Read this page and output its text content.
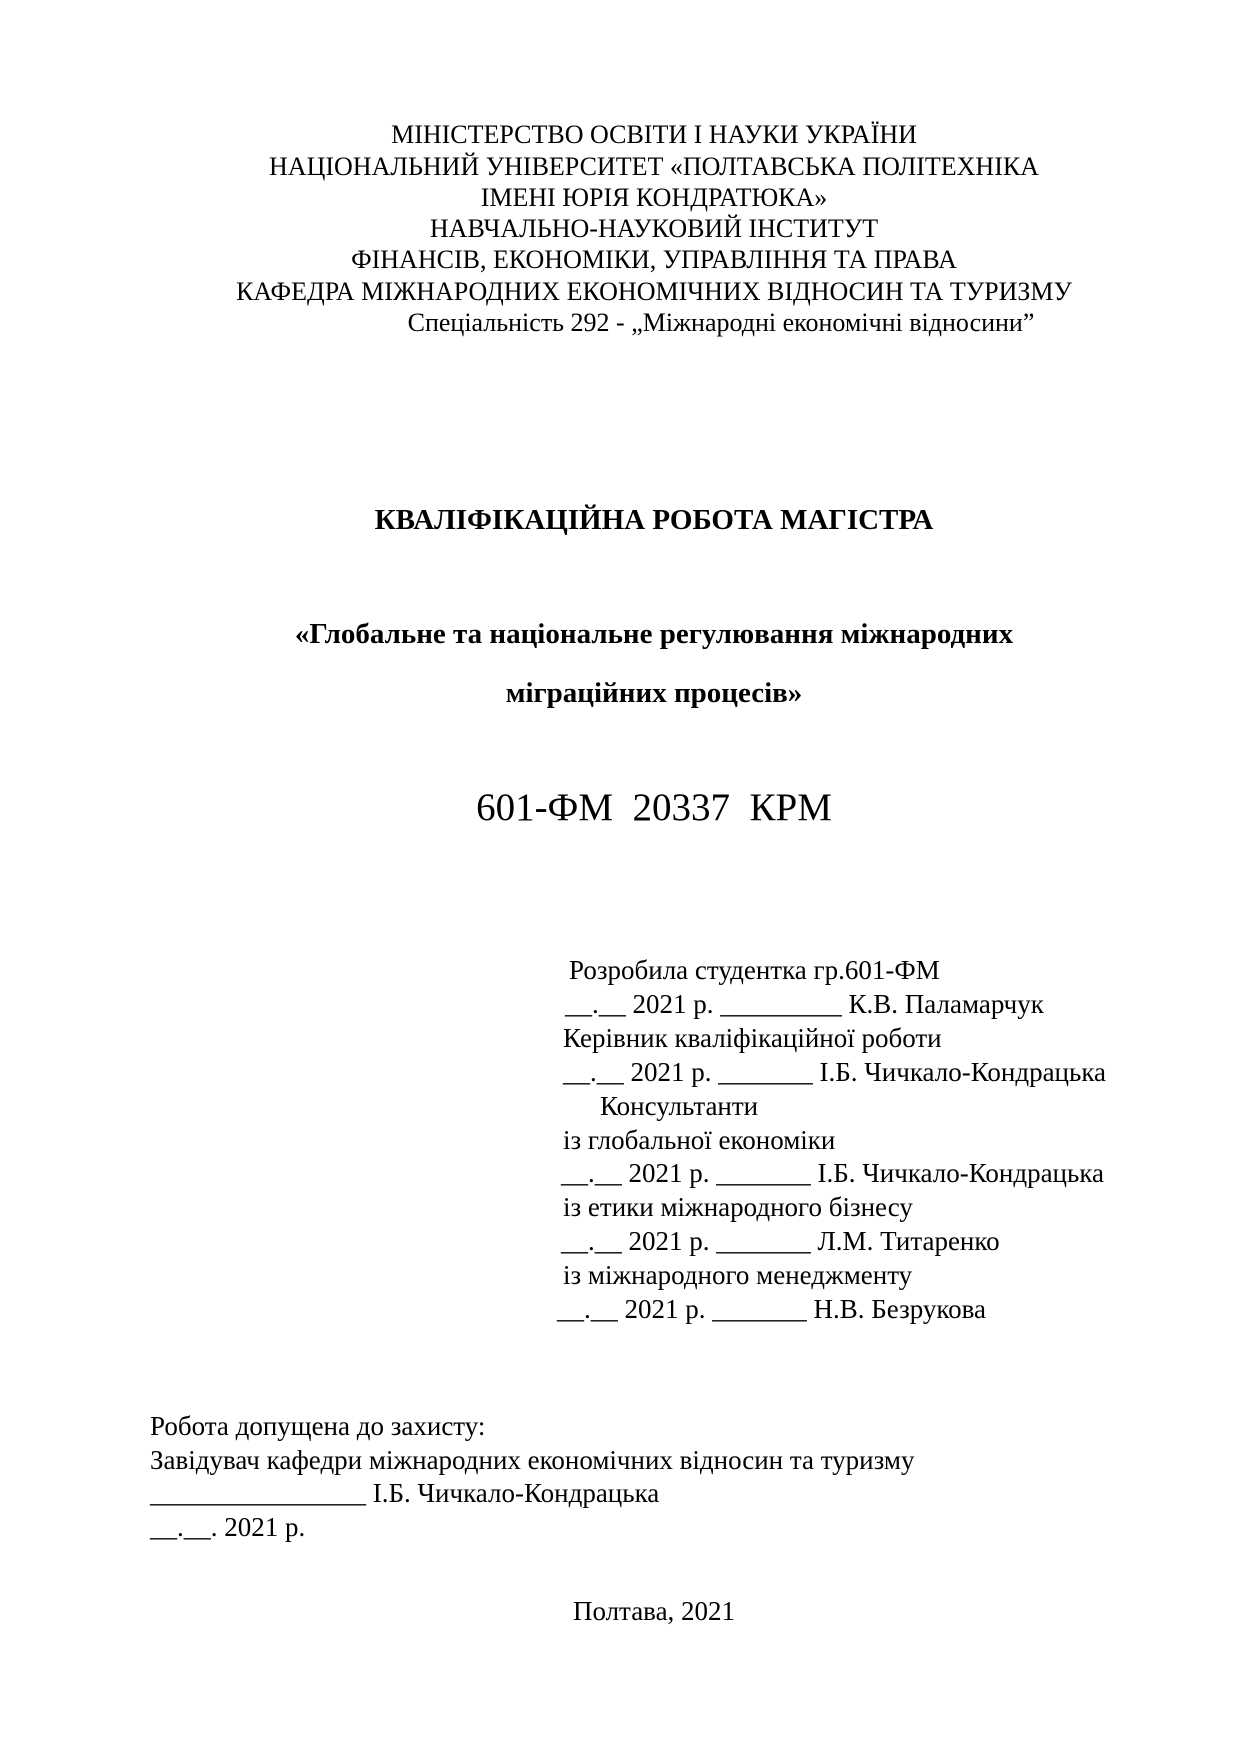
МІНІСТЕРСТВО ОСВІТИ І НАУКИ УКРАЇНИ
НАЦІОНАЛЬНИЙ УНІВЕРСИТЕТ «ПОЛТАВСЬКА ПОЛІТЕХНІКА
ІМЕНІ ЮРІЯ КОНДРАТЮКА»
НАВЧАЛЬНО-НАУКОВИЙ ІНСТИТУТ
ФІНАНСІВ, ЕКОНОМІКИ, УПРАВЛІННЯ ТА ПРАВА
КАФЕДРА МІЖНАРОДНИХ ЕКОНОМІЧНИХ ВІДНОСИН ТА ТУРИЗМУ
Спеціальність 292 - „Міжнародні економічні відносини”
КВАЛІФІКАЦІЙНА РОБОТА МАГІСТРА
«Глобальне та національне регулювання міжнародних
міграційних процесів»
601-ФМ  20337  КРМ
Розробила студентка гр.601-ФМ
__.__ 2021 р. _________ К.В. Паламарчук
Керівник кваліфікаційної роботи
__.__ 2021 р. _______ І.Б. Чичкало-Кондрацька
Консультанти
із глобальної економіки
__.__ 2021 р. _______ І.Б. Чичкало-Кондрацька
із етики міжнародного бізнесу
__.__ 2021 р. _______ Л.М. Титаренко
із міжнародного менеджменту
__.__ 2021 р. _______ Н.В. Безрукова
Робота допущена до захисту:
Завідувач кафедри міжнародних економічних відносин та туризму
________________ І.Б. Чичкало-Кондрацька
__.__. 2021 р.
Полтава, 2021
